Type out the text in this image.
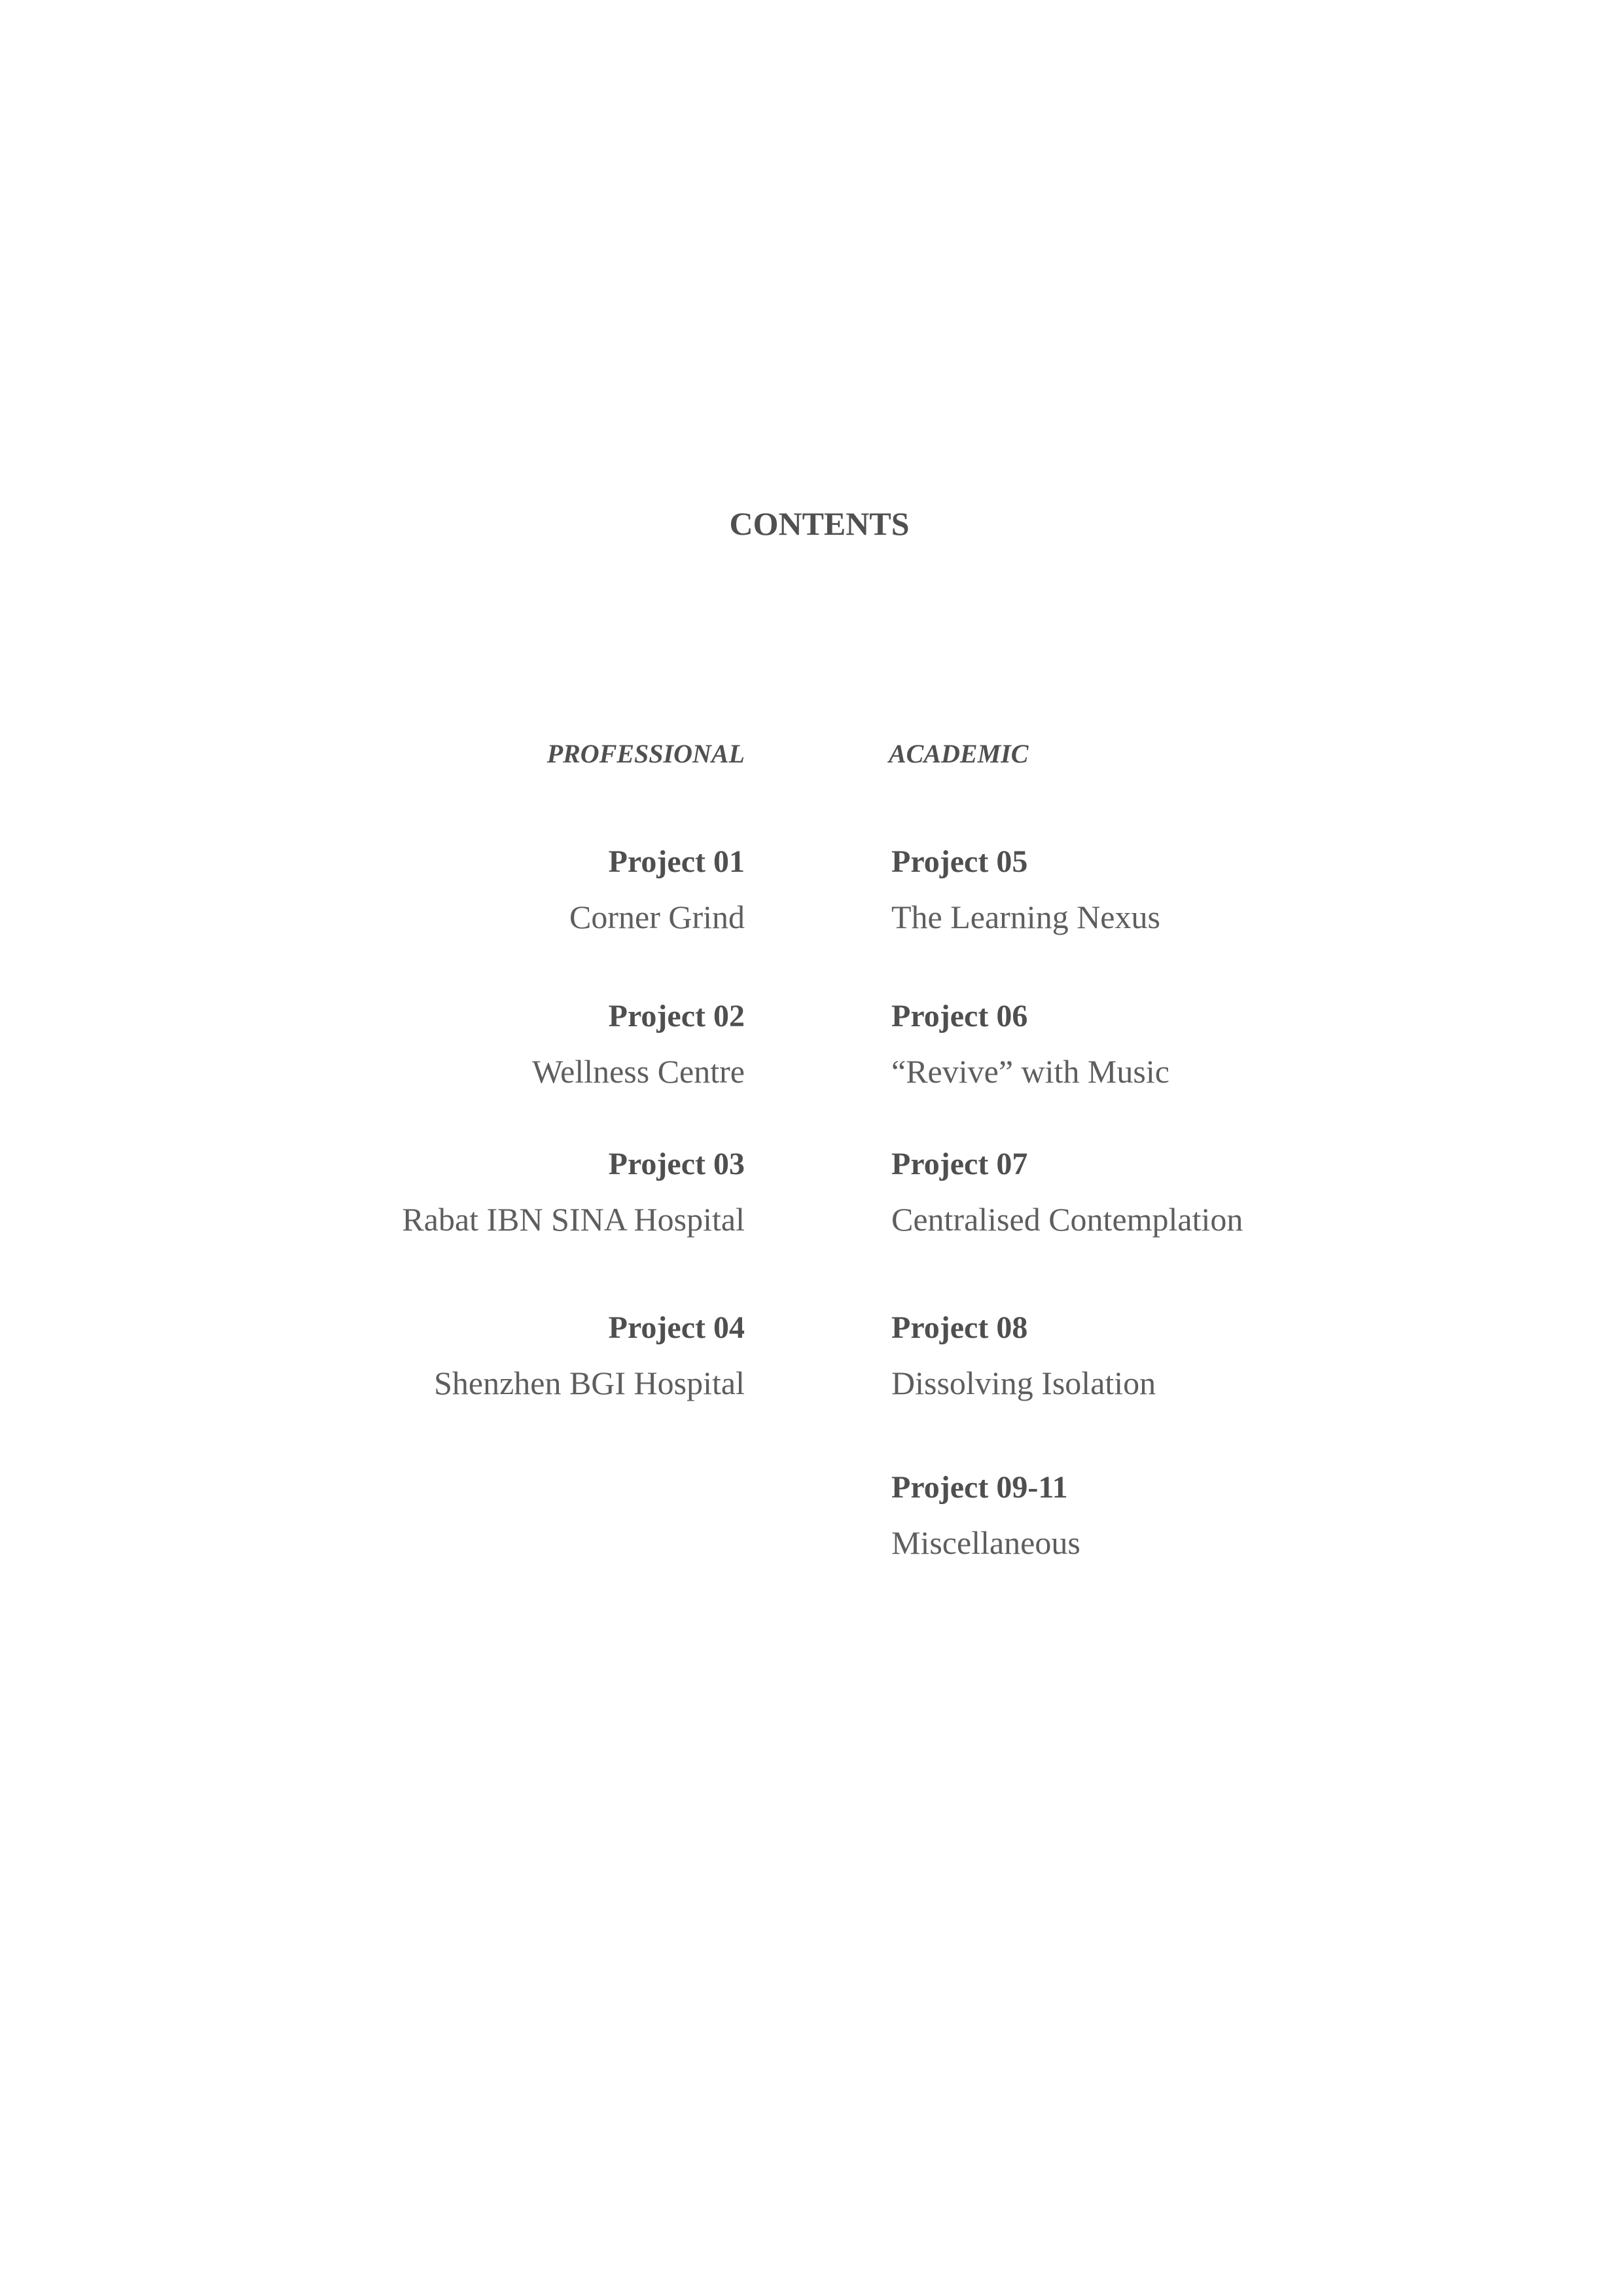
CONTENTS
PROFESSIONAL	ACADEMIC
Project 01
Corner Grind
Project 02
Wellness Centre
Project 03
Rabat IBN SINA Hospital
Project 04
Shenzhen BGI Hospital
Project 05
The Learning Nexus
Project 06
“Revive” with Music
Project 07
Centralised Contemplation
Project 08
Dissolving Isolation
Project 09-11
Miscellaneous
